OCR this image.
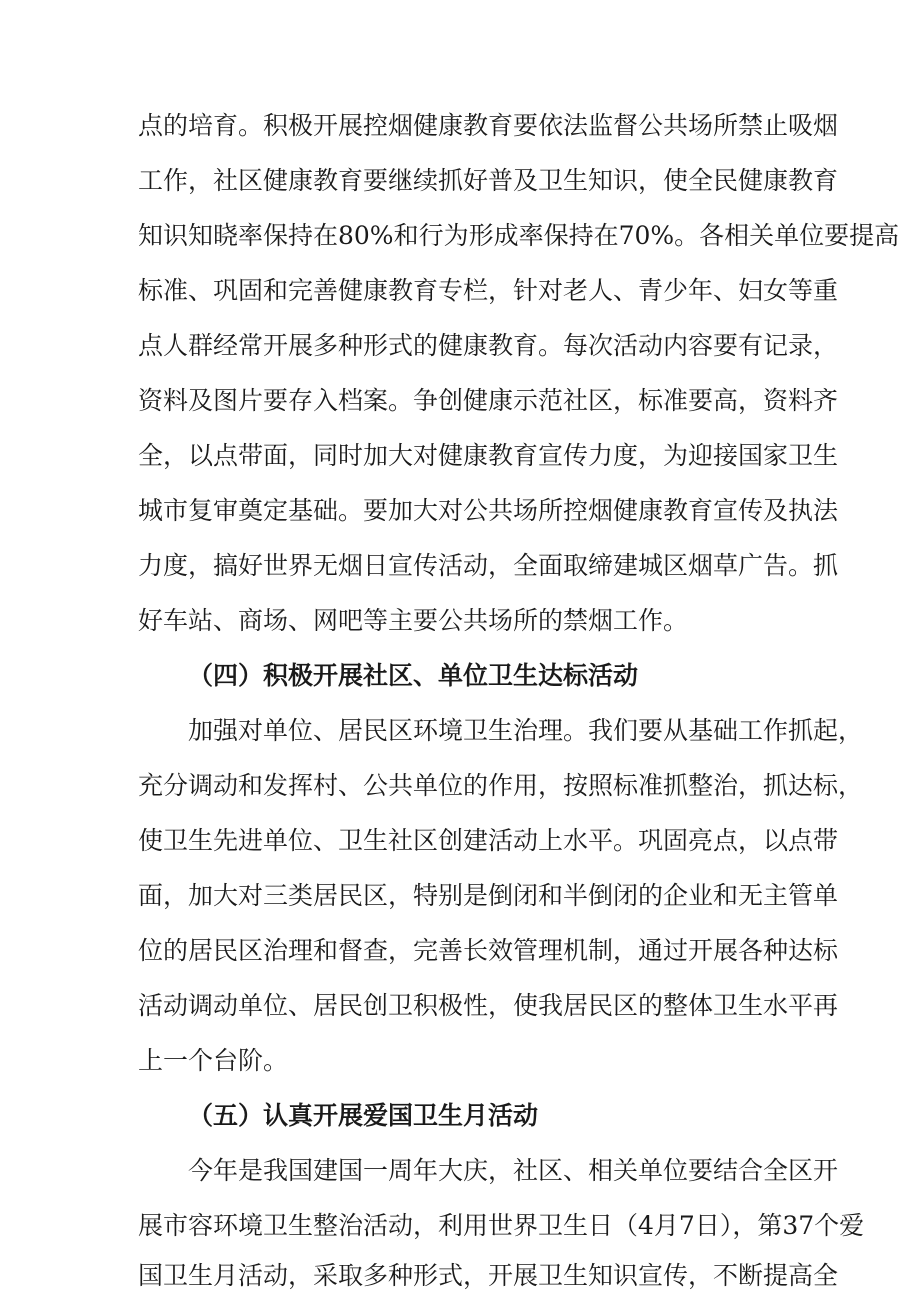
点的培育。积极开展控烟健康教育要依法监督公共场所禁止吸烟
工作，社区健康教育要继续抓好普及卫生知识，使全民健康教育
知识知晓率保持在80%和行为形成率保持在70%。各相关单位要提高
标准、巩固和完善健康教育专栏，针对老人、青少年、妇女等重
点人群经常开展多种形式的健康教育。每次活动内容要有记录，
资料及图片要存入档案。争创健康示范社区，标准要高，资料齐
全，以点带面，同时加大对健康教育宣传力度，为迎接国家卫生
城市复审奠定基础。要加大对公共场所控烟健康教育宣传及执法
力度，搞好世界无烟日宣传活动，全面取缔建城区烟草广告。抓
好车站、商场、网吧等主要公共场所的禁烟工作。
（四）积极开展社区、单位卫生达标活动
加强对单位、居民区环境卫生治理。我们要从基础工作抓起，
充分调动和发挥村、公共单位的作用，按照标准抓整治，抓达标，
使卫生先进单位、卫生社区创建活动上水平。巩固亮点，以点带
面，加大对三类居民区，特别是倒闭和半倒闭的企业和无主管单
位的居民区治理和督查，完善长效管理机制，通过开展各种达标
活动调动单位、居民创卫积极性，使我居民区的整体卫生水平再
上一个台阶。
（五）认真开展爱国卫生月活动
今年是我国建国一周年大庆，社区、相关单位要结合全区开
展市容环境卫生整治活动，利用世界卫生日（4月7日），第37个爱
国卫生月活动，采取多种形式，开展卫生知识宣传，不断提高全
